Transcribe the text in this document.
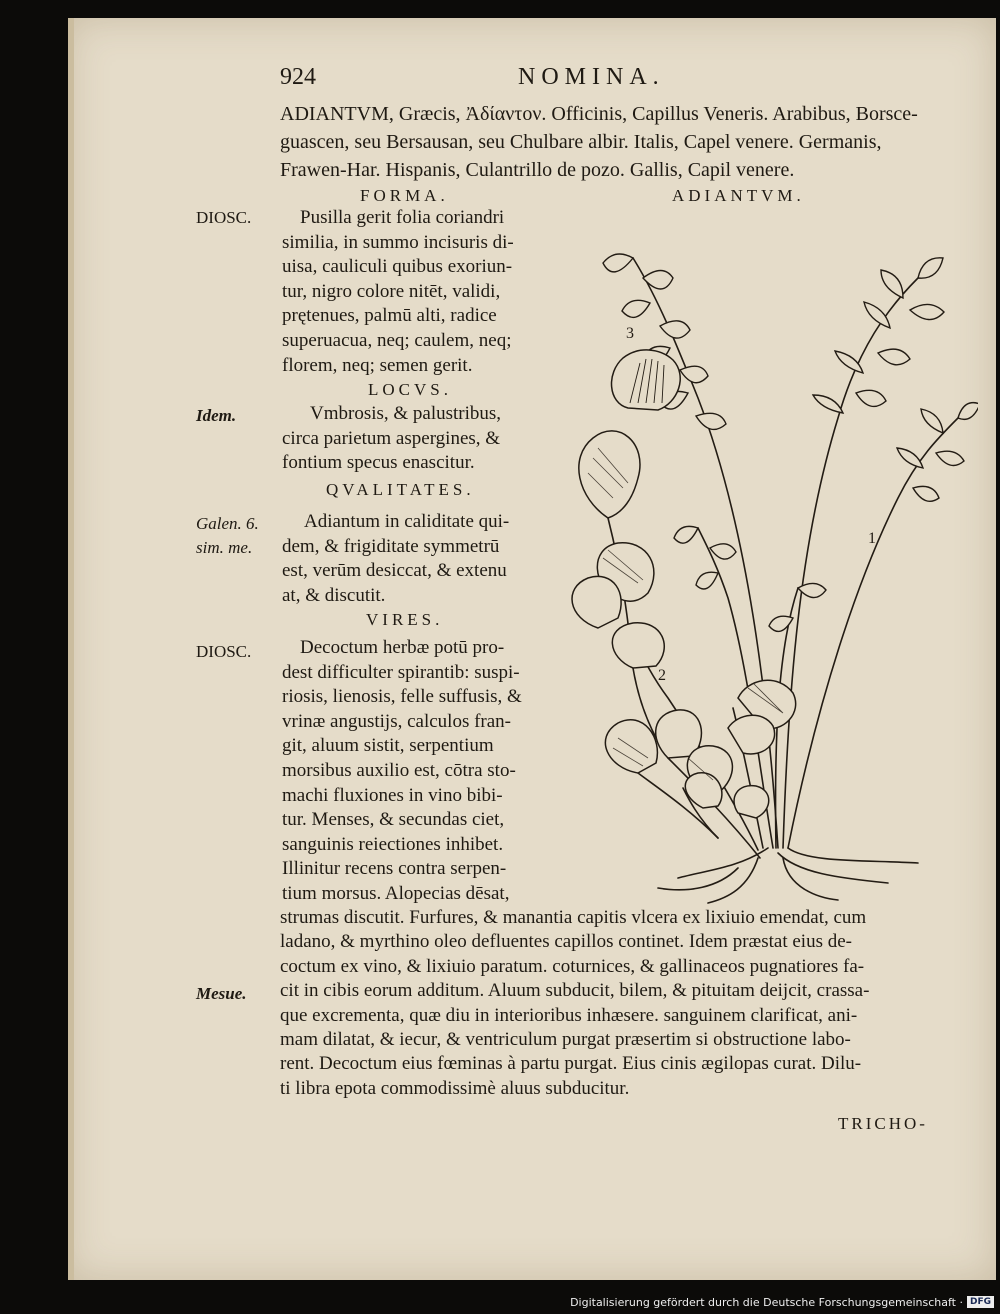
924	NOMINA.
ADIANTVM, Græcis, Ἀδίαντον. Officinis, Capillus Veneris. Arabibus, Borsce-
guascen, seu Bersausan, seu Chulbare albir. Italis, Capel venere. Germanis,
Frawen-Har. Hispanis, Culantrillo de pozo. Gallis, Capil venere.
FORMA.	ADIANTVM.
DIOSC.	Pusilla gerit folia coriandri
similia, in summo incisuris di-
uisa, cauliculi quibus exoriun-
tur, nigro colore nitēt, validi,
prętenues, palmū alti, radice
superuacua, neq; caulem, neq;
florem, neq; semen gerit.
LOCVS.
Idem.	Vmbrosis, & palustribus,
circa parietum aspergines, &
fontium specus enascitur.
QVALITATES.
Galen. 6.
sim. me.
Adiantum in caliditate qui-
dem, & frigiditate symmetrū
est, verūm desiccat, & extenu
at, & discutit.
VIRES.
DIOSC.	Decoctum herbæ potū pro-
dest difficulter spirantib: suspi-
riosis, lienosis, felle suffusis, &
vrinæ angustijs, calculos fran-
git, aluum sistit, serpentium
morsibus auxilio est, cōtra sto-
machi fluxiones in vino bibi-
tur. Menses, & secundas ciet,
sanguinis reiectiones inhibet.
Illinitur recens contra serpen-
tium morsus. Alopecias dēsat,
strumas discutit. Furfures, & manantia capitis vlcera ex lixiuio emendat, cum
ladano, & myrthino oleo defluentes capillos continet. Idem præstat eius de-
coctum ex vino, & lixiuio paratum. coturnices, & gallinaceos pugnatiores fa-
cit in cibis eorum additum. Aluum subducit, bilem, & pituitam deijcit, crassa-
que excrementa, quæ diu in interioribus inhæsere. sanguinem clarificat, ani-
mam dilatat, & iecur, & ventriculum purgat præsertim si obstructione labo-
rent. Decoctum eius fœminas à partu purgat. Eius cinis ægilopas curat. Dilu-
ti libra epota commodissimè aluus subducitur.
Mesue.
TRICHO-
3
1
2
Digitalisierung gefördert durch die Deutsche Forschungsgemeinschaft · DFG
